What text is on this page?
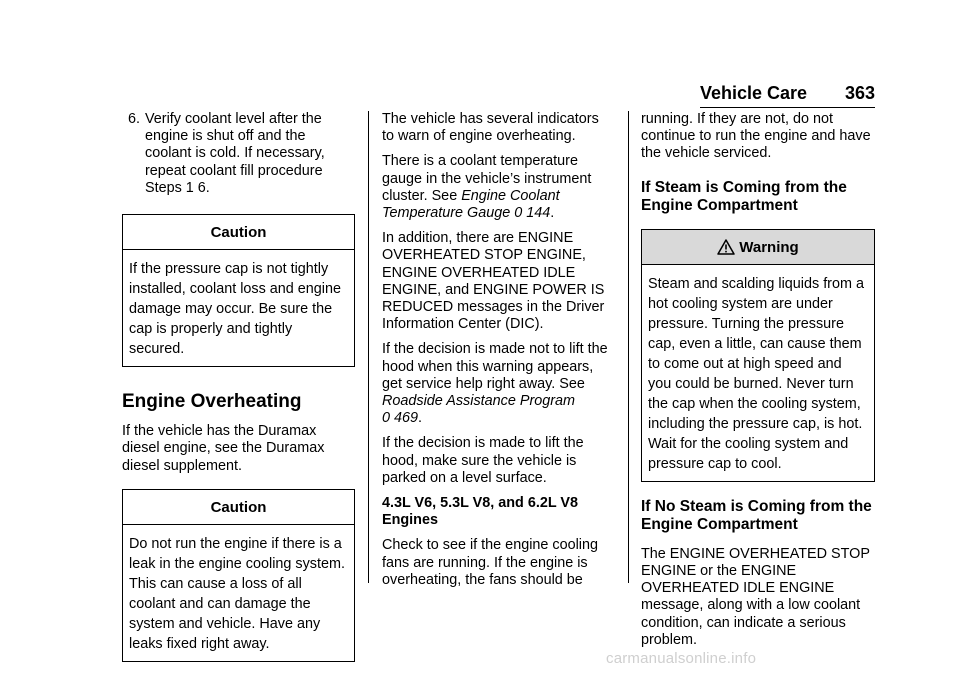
Vehicle Care 363
6. Verify coolant level after the engine is shut off and the coolant is cold. If necessary, repeat coolant fill procedure Steps 1 6.
Caution
If the pressure cap is not tightly installed, coolant loss and engine damage may occur. Be sure the cap is properly and tightly secured.
Engine Overheating

If the vehicle has the Duramax diesel engine, see the Duramax diesel supplement.

Caution
Do not run the engine if there is a leak in the engine cooling system. This can cause a loss of all coolant and can damage the system and vehicle. Have any leaks fixed right away.

The vehicle has several indicators to warn of engine overheating.

There is a coolant temperature gauge in the vehicle’s instrument cluster. See Engine Coolant Temperature Gauge 0 144.

In addition, there are ENGINE OVERHEATED STOP ENGINE, ENGINE OVERHEATED IDLE ENGINE, and ENGINE POWER IS REDUCED messages in the Driver Information Center (DIC).

If the decision is made not to lift the hood when this warning appears, get service help right away. See Roadside Assistance Program
0 469.

If the decision is made to lift the hood, make sure the vehicle is parked on a level surface.

4.3L V6, 5.3L V8, and 6.2L V8 Engines

Check to see if the engine cooling fans are running. If the engine is overheating, the fans should be

running. If they are not, do not continue to run the engine and have the vehicle serviced.

If Steam is Coming from the Engine Compartment
Warning
Steam and scalding liquids from a hot cooling system are under pressure. Turning the pressure cap, even a little, can cause them to come out at high speed and you could be burned. Never turn the cap when the cooling system, including the pressure cap, is hot. Wait for the cooling system and pressure cap to cool.
If No Steam is Coming from the Engine Compartment

The ENGINE OVERHEATED STOP ENGINE or the ENGINE OVERHEATED IDLE ENGINE message, along with a low coolant condition, can indicate a serious problem.

carmanualsonline.info
